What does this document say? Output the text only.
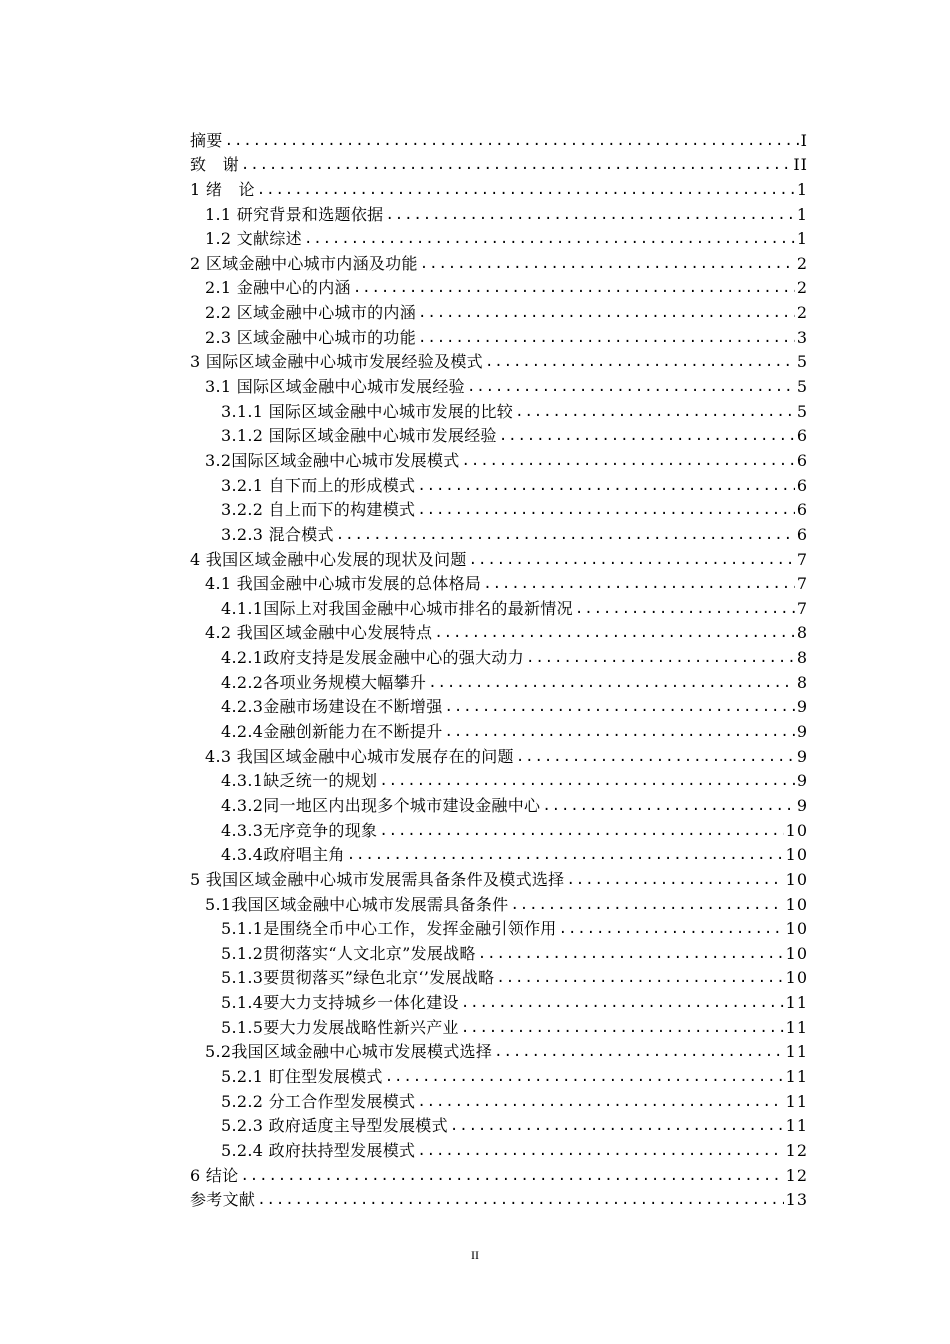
摘要 .....	I
致　谢 .....	II
1 绪　论 .....	1
1.1 研究背景和选题依据 .....	1
1.2 文献综述 .....	1
2 区域金融中心城市内涵及功能 .....	2
2.1 金融中心的内涵 .....	2
2.2 区域金融中心城市的内涵 .....	2
2.3 区域金融中心城市的功能 .....	3
3 国际区域金融中心城市发展经验及模式 .....	5
3.1 国际区域金融中心城市发展经验 .....	5
3.1.1 国际区域金融中心城市发展的比较 .....	5
3.1.2 国际区域金融中心城市发展经验 .....	6
3.2国际区域金融中心城市发展模式 .....	6
3.2.1 自下而上的形成模式 .....	6
3.2.2 自上而下的构建模式 .....	6
3.2.3 混合模式 .....	6
4 我国区域金融中心发展的现状及问题 .....	7
4.1 我国金融中心城市发展的总体格局 .....	7
4.1.1国际上对我国金融中心城市排名的最新情况 .....	7
4.2 我国区域金融中心发展特点 .....	8
4.2.1政府支持是发展金融中心的强大动力 .....	8
4.2.2各项业务规模大幅攀升 .....	8
4.2.3金融市场建设在不断增强 .....	9
4.2.4金融创新能力在不断提升 .....	9
4.3 我国区域金融中心城市发展存在的问题 .....	9
4.3.1缺乏统一的规划 .....	9
4.3.2同一地区内出现多个城市建设金融中心 .....	9
4.3.3无序竞争的现象 .....	10
4.3.4政府唱主角 .....	10
5 我国区域金融中心城市发展需具备条件及模式选择 .....	10
5.1我国区域金融中心城市发展需具备条件 .....	10
5.1.1是围绕全币中心工作，发挥金融引领作用 .....	10
5.1.2贯彻落实“人文北京”发展战略 .....	10
5.1.3要贯彻落买”绿色北京‘’发展战略 .....	10
5.1.4要大力支持城乡一体化建设 .....	11
5.1.5要大力发展战略性新兴产业 .....	11
5.2我国区域金融中心城市发展模式选择 .....	11
5.2.1 盯住型发展模式 .....	11
5.2.2 分工合作型发展模式 .....	11
5.2.3 政府适度主导型发展模式 .....	11
5.2.4 政府扶持型发展模式 .....	12
6 结论 .....	12
参考文献 .....	13
II
